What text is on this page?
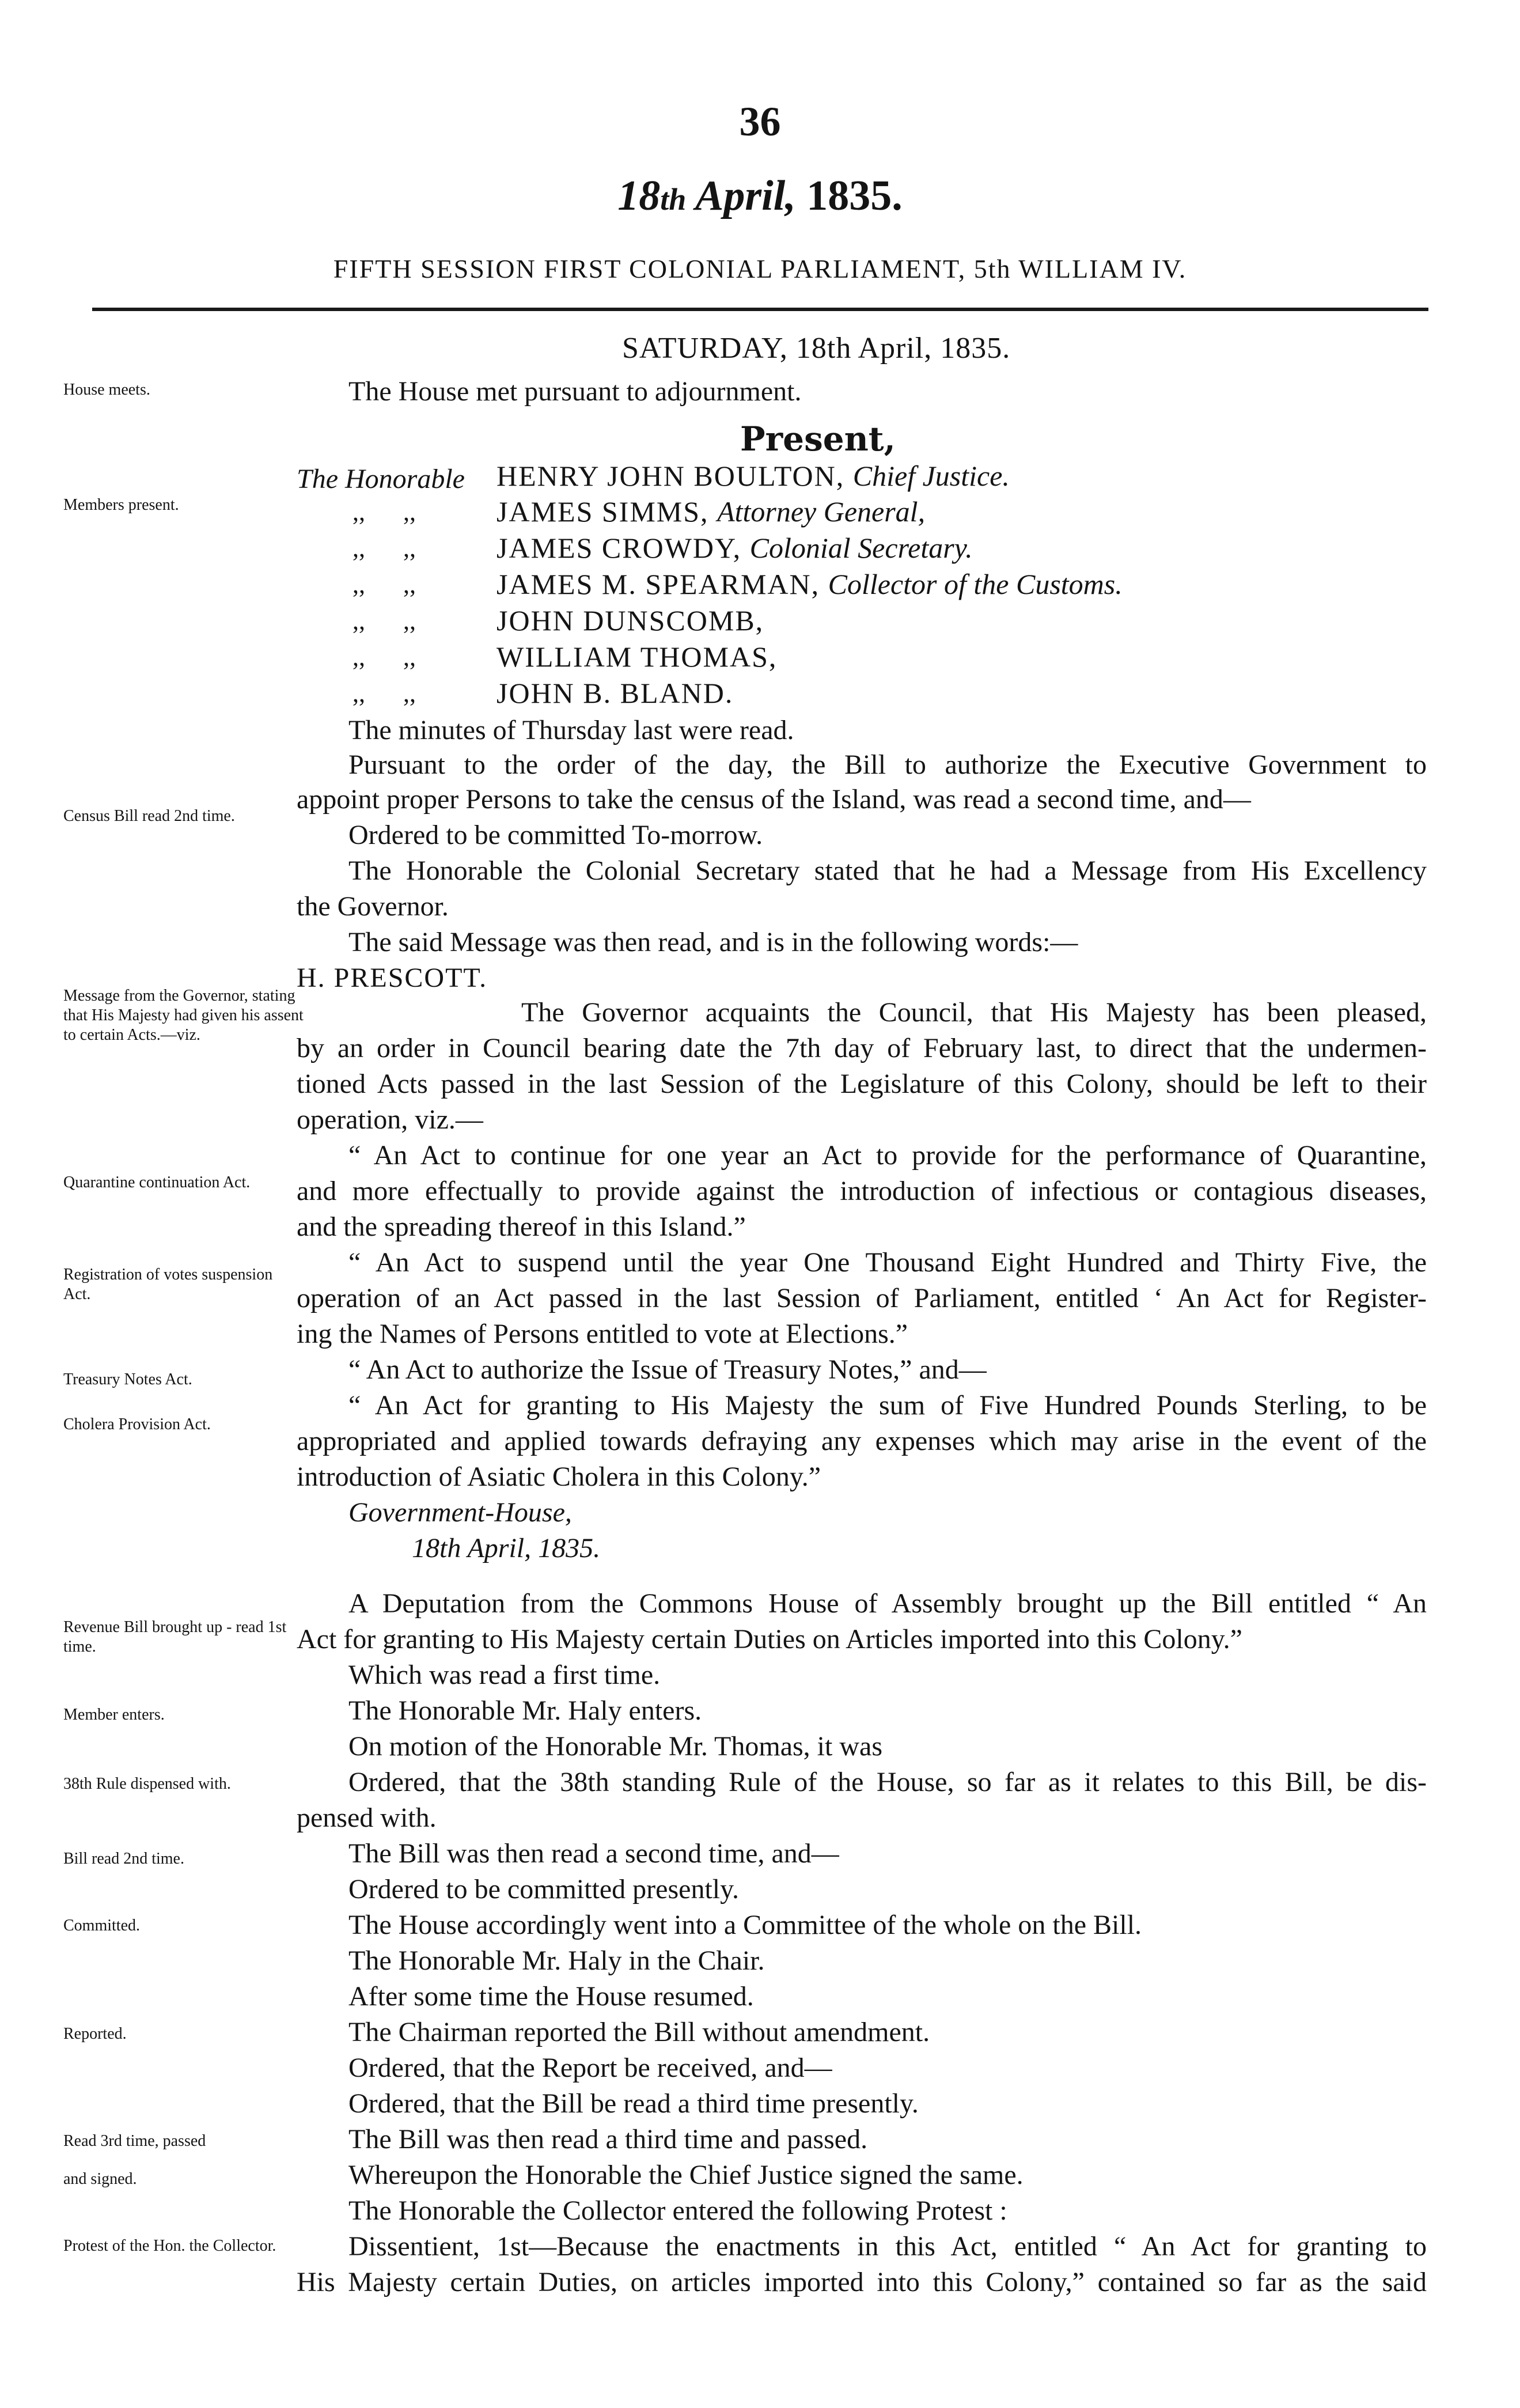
36
18th April, 1835.
FIFTH SESSION FIRST COLONIAL PARLIAMENT, 5th WILLIAM IV.
SATURDAY, 18th April, 1835.
The House met pursuant to adjournment.
Present,
The Honorable HENRY JOHN BOULTON, Chief Justice.
,, ,,	JAMES SIMMS, Attorney General,
,, ,,	JAMES CROWDY, Colonial Secretary.
,, ,,	JAMES M. SPEARMAN, Collector of the Customs.
,, ,,	JOHN DUNSCOMB,
,, ,,	WILLIAM THOMAS,
,, ,,	JOHN B. BLAND.
The minutes of Thursday last were read.
Pursuant to the order of the day, the Bill to authorize the Executive Government to
appoint proper Persons to take the census of the Island, was read a second time, and—
Ordered to be committed To-morrow.
The Honorable the Colonial Secretary stated that he had a Message from His Excellency
the Governor.
The said Message was then read, and is in the following words:—
H. PRESCOTT.
The Governor acquaints the Council, that His Majesty has been pleased,
by an order in Council bearing date the 7th day of February last, to direct that the undermen-
tioned Acts passed in the last Session of the Legislature of this Colony, should be left to their
operation, viz.—
“ An Act to continue for one year an Act to provide for the performance of Quarantine,
and more effectually to provide against the introduction of infectious or contagious diseases,
and the spreading thereof in this Island.”
“ An Act to suspend until the year One Thousand Eight Hundred and Thirty Five, the
operation of an Act passed in the last Session of Parliament, entitled ‘ An Act for Register-
ing the Names of Persons entitled to vote at Elections.”
“ An Act to authorize the Issue of Treasury Notes,” and—
“ An Act for granting to His Majesty the sum of Five Hundred Pounds Sterling, to be
appropriated and applied towards defraying any expenses which may arise in the event of the
introduction of Asiatic Cholera in this Colony.”
Government-House,
18th April, 1835.
A Deputation from the Commons House of Assembly brought up the Bill entitled “ An
Act for granting to His Majesty certain Duties on Articles imported into this Colony.”
Which was read a first time.
The Honorable Mr. Haly enters.
On motion of the Honorable Mr. Thomas, it was
Ordered, that the 38th standing Rule of the House, so far as it relates to this Bill, be dis-
pensed with.
The Bill was then read a second time, and—
Ordered to be committed presently.
The House accordingly went into a Committee of the whole on the Bill.
The Honorable Mr. Haly in the Chair.
After some time the House resumed.
The Chairman reported the Bill without amendment.
Ordered, that the Report be received, and—
Ordered, that the Bill be read a third time presently.
The Bill was then read a third time and passed.
Whereupon the Honorable the Chief Justice signed the same.
The Honorable the Collector entered the following Protest :
Dissentient, 1st—Because the enactments in this Act, entitled “ An Act for granting to
His Majesty certain Duties, on articles imported into this Colony,” contained so far as the said
House meets.
Members present.
Census Bill read 2nd time.
Message from the Governor, stating that His Majesty had given his assent to certain Acts.—viz.
Quarantine continuation Act.
Registration of votes suspension Act.
Treasury Notes Act.
Cholera Provision Act.
Revenue Bill brought up - read 1st time.
Member enters.
38th Rule dispensed with.
Bill read 2nd time.
Committed.
Reported.
Read 3rd time, passed
and signed.
Protest of the Hon. the Collector.
